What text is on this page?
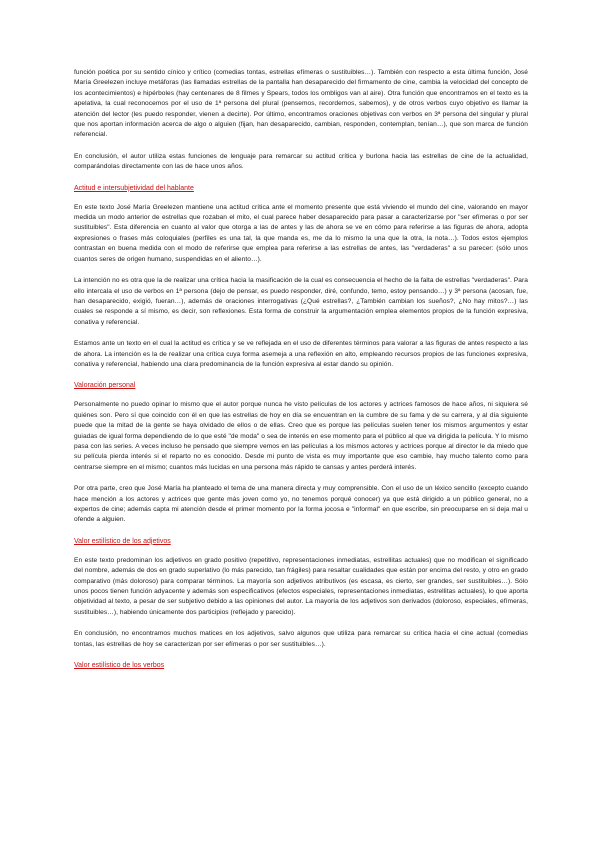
función poética por su sentido cínico y crítico (comedias tontas, estrellas efímeras o sustituibles…). También con respecto a esta última función, José María Greelezen incluye metáforas (las llamadas estrellas de la pantalla han desaparecido del firmamento de cine, cambia la velocidad del concepto de los acontecimientos) e hipérboles (hay centenares de 8 filmes y Spears, todos los ombligos van al aire). Otra función que encontramos en el texto es la apelativa, la cual reconocemos por el uso de 1ª persona del plural (pensemos, recordemos, sabemos), y de otros verbos cuyo objetivo es llamar la atención del lector (les puedo responder, vienen a decirte). Por último, encontramos oraciones objetivas con verbos en 3ª persona del singular y plural que nos aportan información acerca de algo o alguien (fijan, han desaparecido, cambian, responden, contemplan, tenían…), que son marca de función referencial.

En conclusión, el autor utiliza estas funciones de lenguaje para remarcar su actitud crítica y burlona hacia las estrellas de cine de la actualidad, comparándolas directamente con las de hace unos años.

Actitud e intersubjetividad del hablante

En este texto José María Greelezen mantiene una actitud crítica ante el momento presente que está viviendo el mundo del cine, valorando en mayor medida un modo anterior de estrellas que rozaban el mito, el cual parece haber desaparecido para pasar a caracterizarse por "ser efímeras o por ser sustituibles". Esta diferencia en cuanto al valor que otorga a las de antes y las de ahora se ve en cómo para referirse a las figuras de ahora, adopta expresiones o frases más coloquiales (perfiles es una tal, la que manda es, me da lo mismo la una que la otra, la nota…). Todos estos ejemplos contrastan en buena medida con el modo de referirse que emplea para referirse a las estrellas de antes, las "verdaderas" a su parecer: (sólo unos cuantos seres de origen humano, suspendidas en el aliento…).

La intención no es otra que la de realizar una crítica hacia la masificación de la cual es consecuencia el hecho de la falta de estrellas "verdaderas". Para ello intercala el uso de verbos en 1ª persona (dejo de pensar, es puedo responder, diré, confundo, temo, estoy pensando…) y 3ª persona (acosan, fue, han desaparecido, exigió, fueran…), además de oraciones interrogativas (¿Qué estrellas?, ¿También cambian los sueños?, ¿No hay mitos?…) las cuales se responde a sí mismo, es decir, son reflexiones. Esta forma de construir la argumentación emplea elementos propios de la función expresiva, conativa y referencial.

Estamos ante un texto en el cual la actitud es crítica y se ve reflejada en el uso de diferentes términos para valorar a las figuras de antes respecto a las de ahora. La intención es la de realizar una crítica cuya forma asemeja a una reflexión en alto, empleando recursos propios de las funciones expresiva, conativa y referencial, habiendo una clara predominancia de la función expresiva al estar dando su opinión.

Valoración personal

Personalmente no puedo opinar lo mismo que el autor porque nunca he visto películas de los actores y actrices famosos de hace años, ni siquiera sé quiénes son. Pero sí que coincido con él en que las estrellas de hoy en día se encuentran en la cumbre de su fama y de su carrera, y al día siguiente puede que la mitad de la gente se haya olvidado de ellos o de ellas. Creo que es porque las películas suelen tener los mismos argumentos y estar guiadas de igual forma dependiendo de lo que esté "de moda" o sea de interés en ese momento para el público al que va dirigida la película. Y lo mismo pasa con las series. A veces incluso he pensado que siempre vemos en las películas a los mismos actores y actrices porque al director le da miedo que su película pierda interés si el reparto no es conocido. Desde mi punto de vista es muy importante que eso cambie, hay mucho talento como para centrarse siempre en el mismo; cuantos más lucidas en una persona más rápido te cansas y antes perderá interés.

Por otra parte, creo que José María ha planteado el tema de una manera directa y muy comprensible. Con el uso de un léxico sencillo (excepto cuando hace mención a los actores y actrices que gente más joven como yo, no tenemos porqué conocer) ya que está dirigido a un público general, no a expertos de cine; además capta mi atención desde el primer momento por la forma jocosa e "informal" en que escribe, sin preocuparse en si deja mal u ofende a alguien.

Valor estilístico de los adjetivos

En este texto predominan los adjetivos en grado positivo (repetitivo, representaciones inmediatas, estrellitas actuales) que no modifican el significado del nombre, además de dos en grado superlativo (lo más parecido, tan frágiles) para resaltar cualidades que están por encima del resto, y otro en grado comparativo (más doloroso) para comparar términos. La mayoría son adjetivos atributivos (es escasa, es cierto, ser grandes, ser sustituibles…). Sólo unos pocos tienen función adyacente y además son especificativos (efectos especiales, representaciones inmediatas, estrellitas actuales), lo que aporta objetividad al texto, a pesar de ser subjetivo debido a las opiniones del autor. La mayoría de los adjetivos son derivados (doloroso, especiales, efímeras, sustituibles…), habiendo únicamente dos participios (reflejado y parecido).

En conclusión, no encontramos muchos matices en los adjetivos, salvo algunos que utiliza para remarcar su crítica hacia el cine actual (comedias tontas, las estrellas de hoy se caracterizan por ser efímeras o por ser sustituibles…).

Valor estilístico de los verbos
